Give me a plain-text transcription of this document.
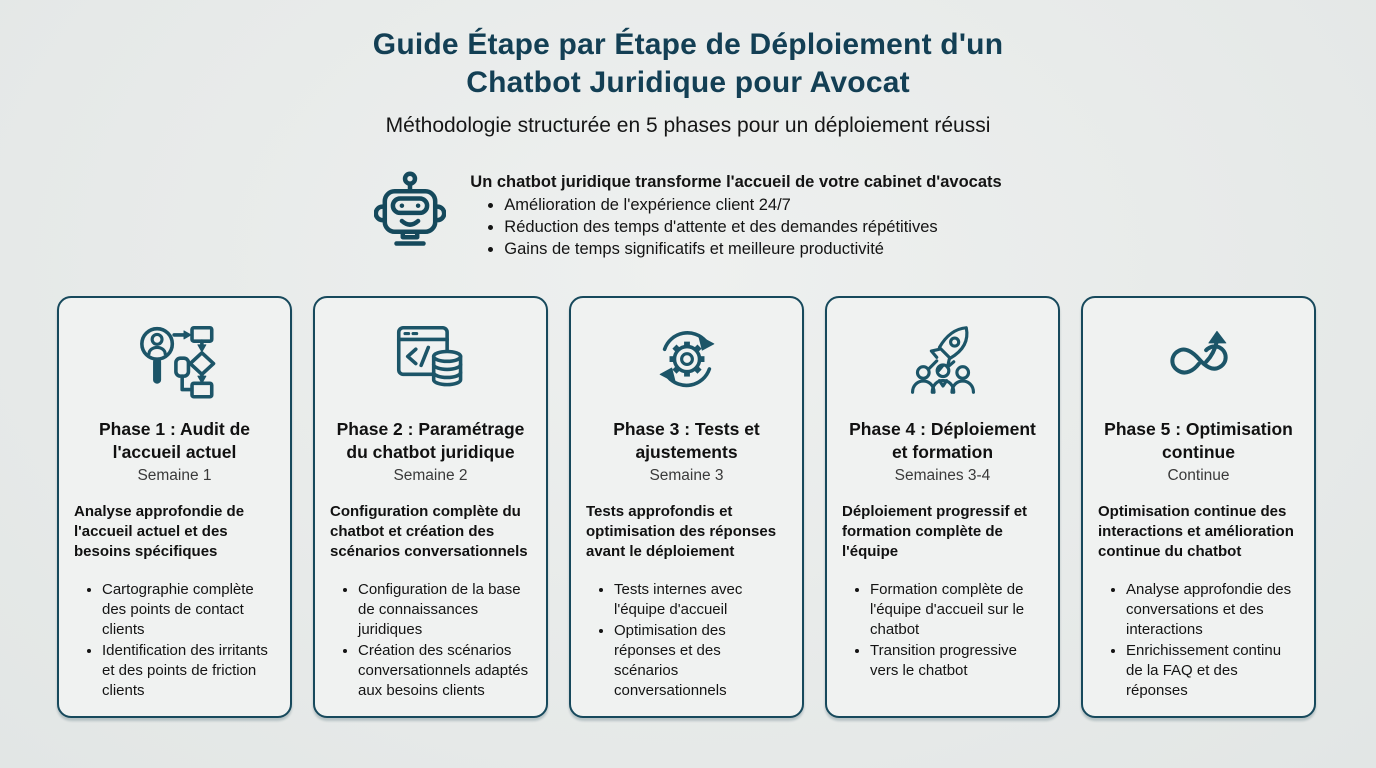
Guide Étape par Étape de Déploiement d'un Chatbot Juridique pour Avocat

Méthodologie structurée en 5 phases pour un déploiement réussi

Un chatbot juridique transforme l'accueil de votre cabinet d'avocats
• Amélioration de l'expérience client 24/7
• Réduction des temps d'attente et des demandes répétitives
• Gains de temps significatifs et meilleure productivité
Phase 1 : Audit de l'accueil actuel
Semaine 1
Analyse approfondie de l'accueil actuel et des besoins spécifiques
• Cartographie complète des points de contact clients
• Identification des irritants et des points de friction clients
Phase 2 : Paramétrage du chatbot juridique
Semaine 2
Configuration complète du chatbot et création des scénarios conversationnels
• Configuration de la base de connaissances juridiques
• Création des scénarios conversationnels adaptés aux besoins clients
Phase 3 : Tests et ajustements
Semaine 3
Tests approfondis et optimisation des réponses avant le déploiement
• Tests internes avec l'équipe d'accueil
• Optimisation des réponses et des scénarios conversationnels
Phase 4 : Déploiement et formation
Semaines 3-4
Déploiement progressif et formation complète de l'équipe
• Formation complète de l'équipe d'accueil sur le chatbot
• Transition progressive vers le chatbot
Phase 5 : Optimisation continue
Continue
Optimisation continue des interactions et amélioration continue du chatbot
• Analyse approfondie des conversations et des interactions
• Enrichissement continu de la FAQ et des réponses
